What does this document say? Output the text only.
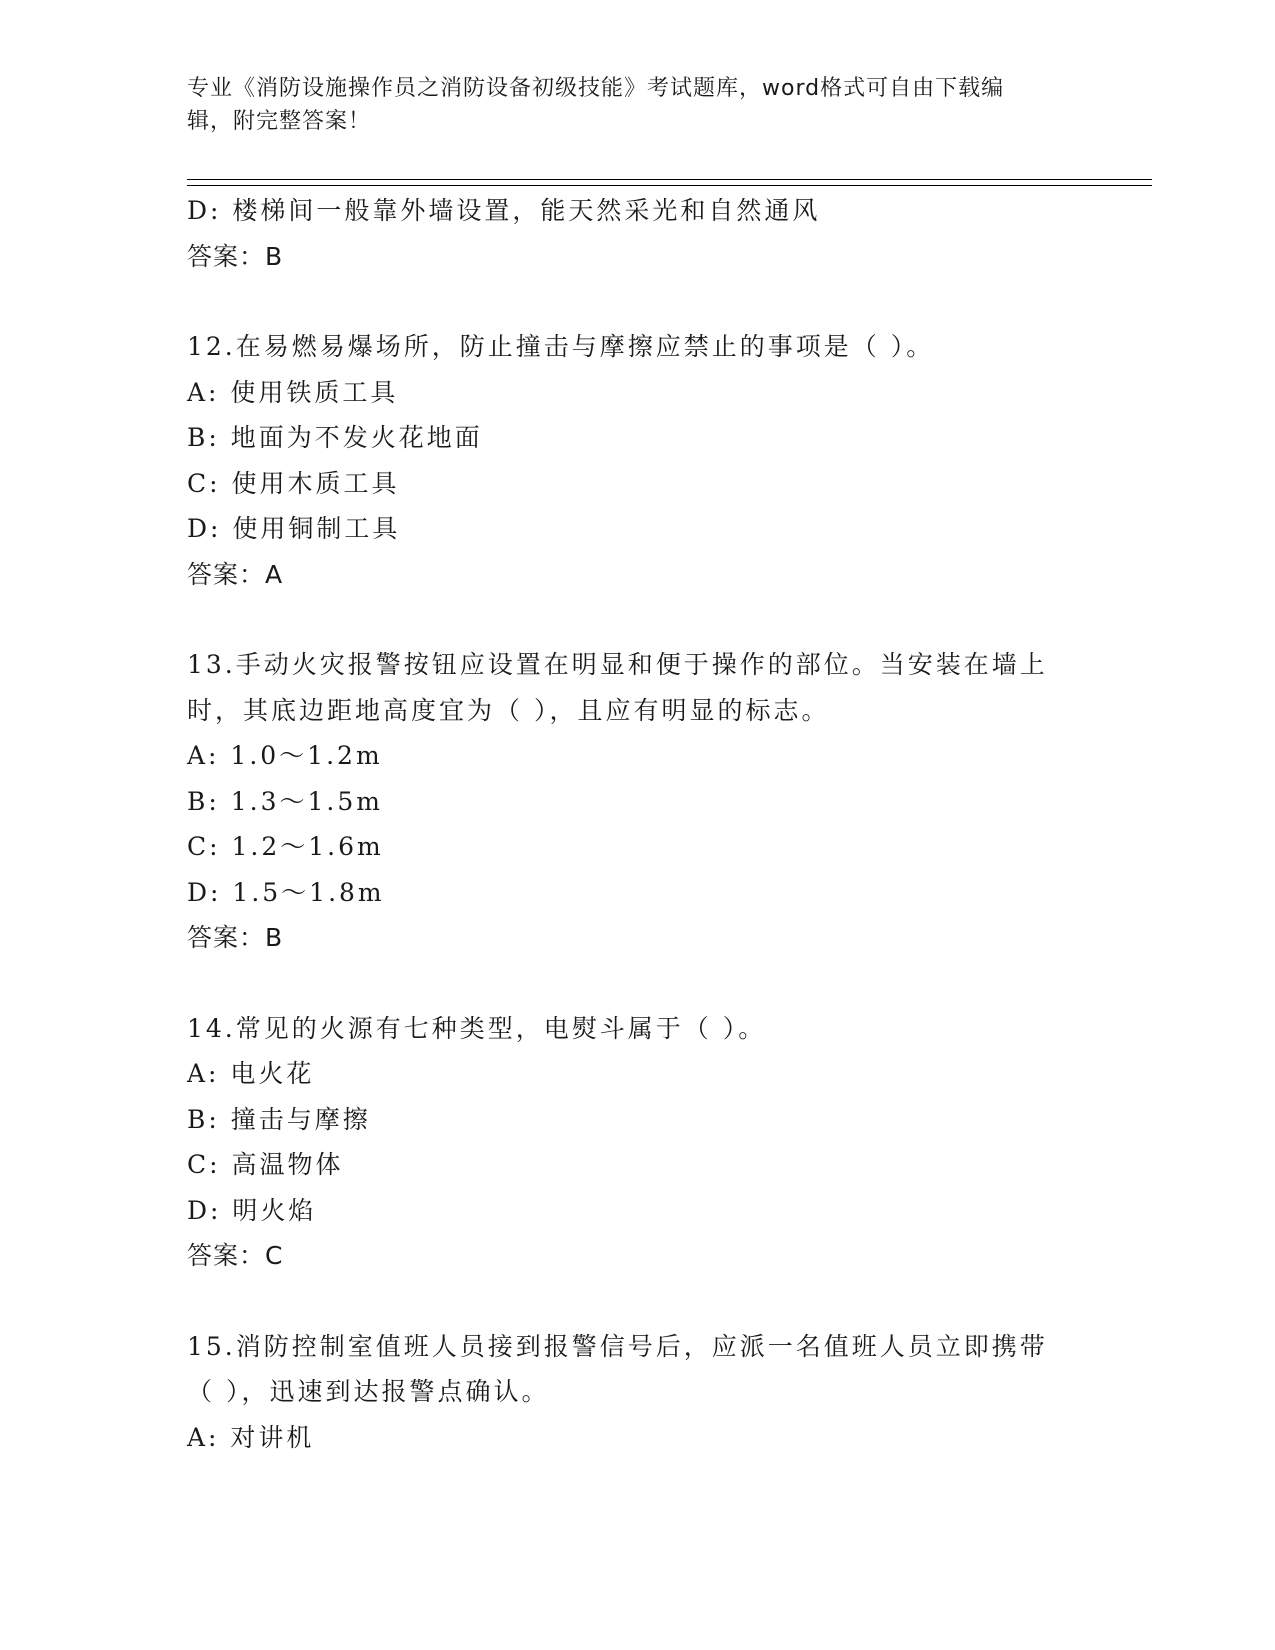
专业《消防设施操作员之消防设备初级技能》考试题库，word格式可自由下载编
辑，附完整答案！
D: 楼梯间一般靠外墙设置，能天然采光和自然通风
答案：B
12.在易燃易爆场所，防止撞击与摩擦应禁止的事项是（ ）。
A: 使用铁质工具
B: 地面为不发火花地面
C: 使用木质工具
D: 使用铜制工具
答案：A
13.手动火灾报警按钮应设置在明显和便于操作的部位。当安装在墙上
时，其底边距地高度宜为（ ），且应有明显的标志。
A: 1.0～1.2m
B: 1.3～1.5m
C: 1.2～1.6m
D: 1.5～1.8m
答案：B
14.常见的火源有七种类型，电熨斗属于（ ）。
A: 电火花
B: 撞击与摩擦
C: 高温物体
D: 明火焰
答案：C
15.消防控制室值班人员接到报警信号后，应派一名值班人员立即携带
（ ），迅速到达报警点确认。
A: 对讲机
